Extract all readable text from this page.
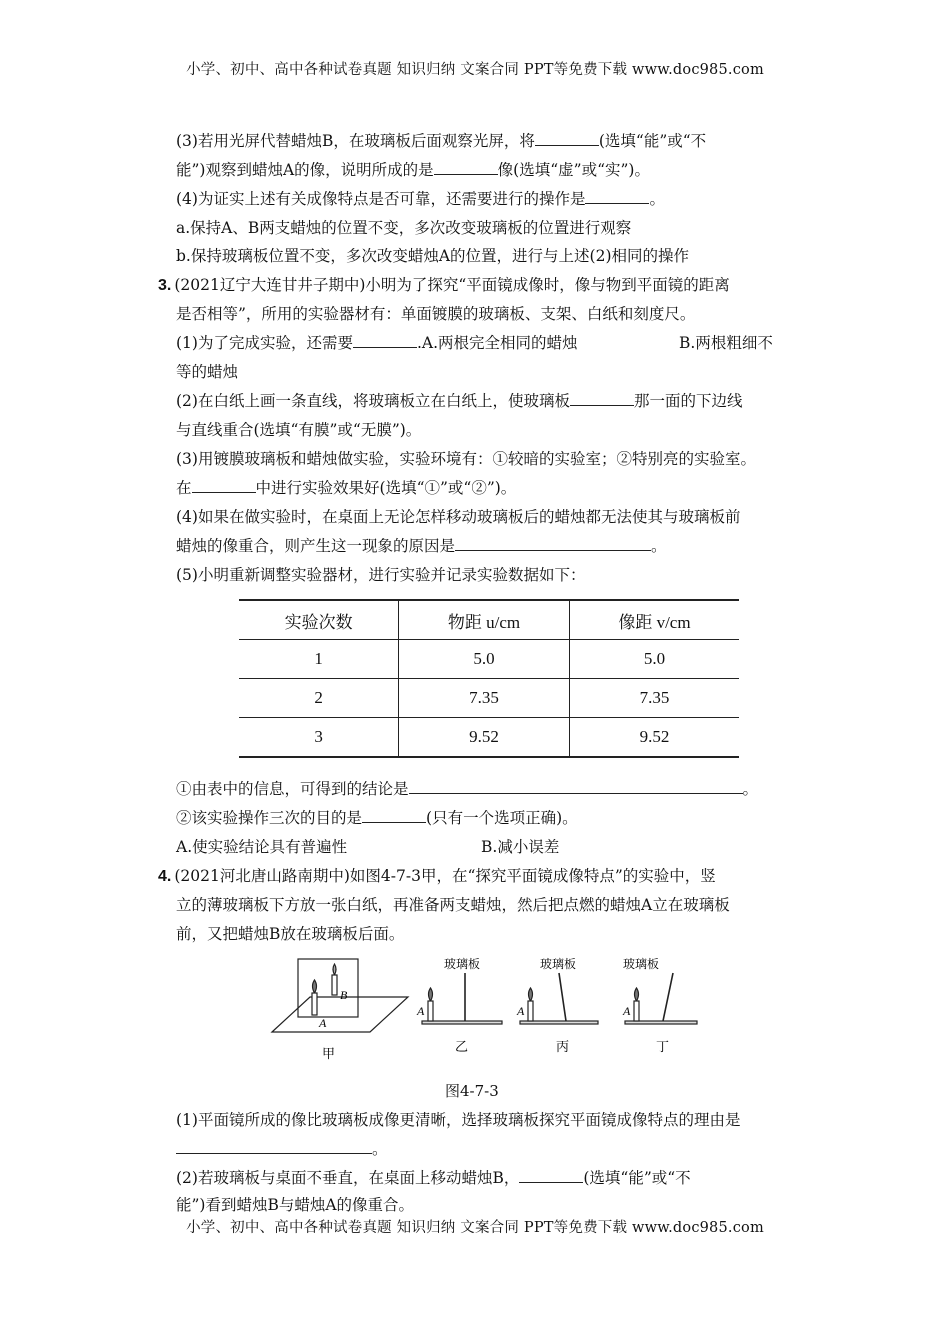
小学、初中、高中各种试卷真题 知识归纳 文案合同 PPT等免费下载 www.doc985.com
(3)若用光屏代替蜡烛B，在玻璃板后面观察光屏，将	(选填“能”或“不
能”)观察到蜡烛A的像，说明所成的是	像(选填“虚”或“实”)。
(4)为证实上述有关成像特点是否可靠，还需要进行的操作是	。
a.保持A、B两支蜡烛的位置不变，多次改变玻璃板的位置进行观察
b.保持玻璃板位置不变，多次改变蜡烛A的位置，进行与上述(2)相同的操作
3. (2021辽宁大连甘井子期中)小明为了探究“平面镜成像时，像与物到平面镜的距离
是否相等”，所用的实验器材有：单面镀膜的玻璃板、支架、白纸和刻度尺。
(1)为了完成实验，还需要	.A.两根完全相同的蜡烛	B.两根粗细不
等的蜡烛
(2)在白纸上画一条直线，将玻璃板立在白纸上，使玻璃板	那一面的下边线
与直线重合(选填“有膜”或“无膜”)。
(3)用镀膜玻璃板和蜡烛做实验，实验环境有：①较暗的实验室；②特别亮的实验室。
在	中进行实验效果好(选填“①”或“②”)。
(4)如果在做实验时，在桌面上无论怎样移动玻璃板后的蜡烛都无法使其与玻璃板前
蜡烛的像重合，则产生这一现象的原因是	。
(5)小明重新调整实验器材，进行实验并记录实验数据如下：
实验次数	物距 u/cm	像距 v/cm
1	5.0	5.0
2	7.35	7.35
3	9.52	9.52
①由表中的信息，可得到的结论是	。
②该实验操作三次的目的是	(只有一个选项正确)。
A.使实验结论具有普遍性	B.减小误差
4. (2021河北唐山路南期中)如图4-7-3甲，在“探究平面镜成像特点”的实验中，竖
立的薄玻璃板下方放一张白纸，再准备两支蜡烛，然后把点燃的蜡烛A立在玻璃板
前，又把蜡烛B放在玻璃板后面。
A
B
A	A	A
玻璃板	玻璃板	玻璃板
甲	乙	丙	丁
图4-7-3
(1)平面镜所成的像比玻璃板成像更清晰，选择玻璃板探究平面镜成像特点的理由是
。
(2)若玻璃板与桌面不垂直，在桌面上移动蜡烛B，	(选填“能”或“不
能”)看到蜡烛B与蜡烛A的像重合。
小学、初中、高中各种试卷真题 知识归纳 文案合同 PPT等免费下载 www.doc985.com
